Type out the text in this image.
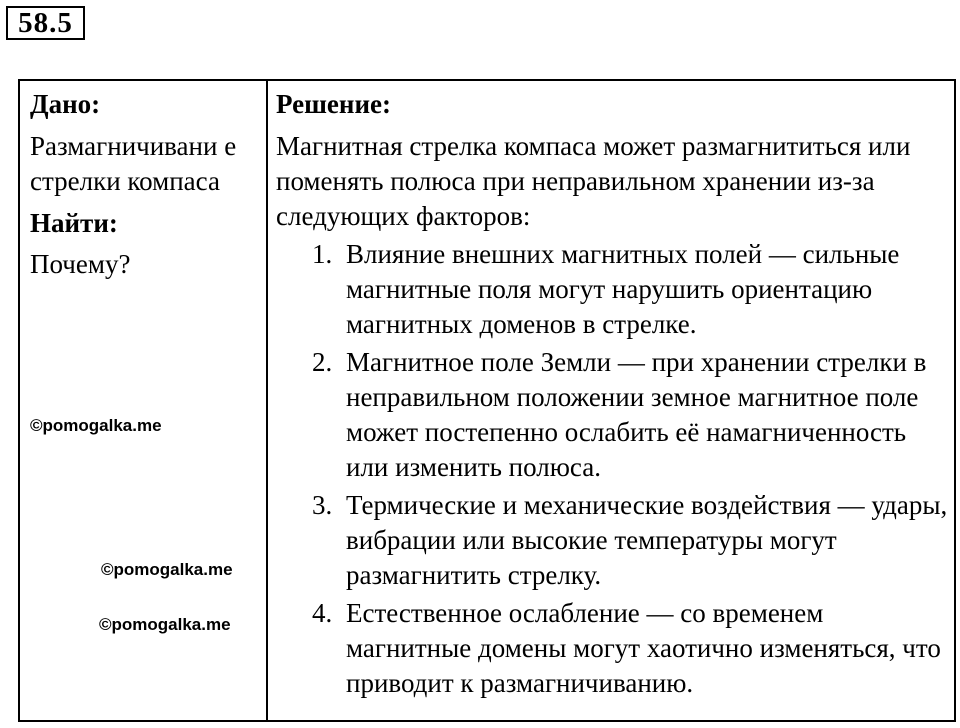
58.5

Дано:

Размагничивани е стрелки компаса

Найти:

Почему?

Решение:

Магнитная стрелка компаса может размагнититься или поменять полюса при неправильном хранении из-за следующих факторов:

1. Влияние внешних магнитных полей — сильные магнитные поля могут нарушить ориентацию магнитных доменов в стрелке.
2. Магнитное поле Земли — при хранении стрелки в неправильном положении земное магнитное поле может постепенно ослабить её намагниченность или изменить полюса.
3. Термические и механические воздействия — удары, вибрации или высокие температуры могут размагнитить стрелку.
4. Естественное ослабление — со временем магнитные домены могут хаотично изменяться, что приводит к размагничиванию.
©pomogalka.me
©pomogalka.me
©pomogalka.me
